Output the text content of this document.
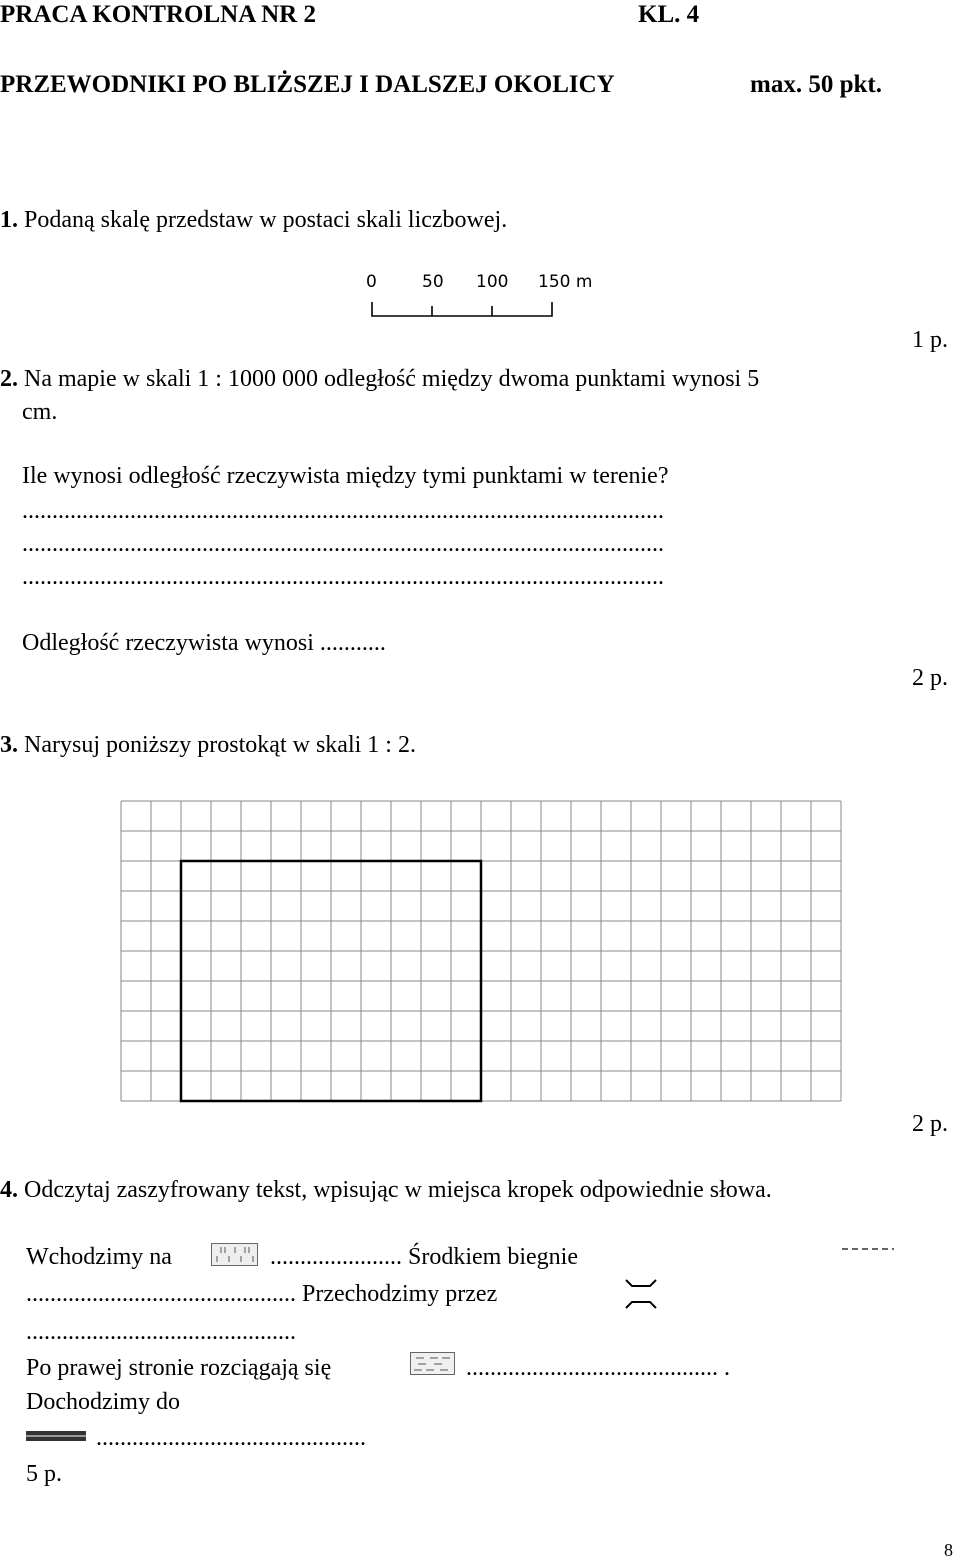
PRACA KONTROLNA NR 2	KL. 4
PRZEWODNIKI PO BLIŻSZEJ I DALSZEJ OKOLICY	max. 50 pkt.
1. Podaną skalę przedstaw w postaci skali liczbowej.
0	50 100 150 m
1 p.
2. Na mapie w skali 1 : 1000 000 odległość między dwoma punktami wynosi 5
cm.
Ile wynosi odległość rzeczywista między tymi punktami w terenie?
...........................................................................................................
...........................................................................................................
...........................................................................................................
Odległość rzeczywista wynosi ...........
2 p.
3. Narysuj poniższy prostokąt w skali 1 : 2.
2 p.
4. Odczytaj zaszyfrowany tekst, wpisując w miejsca kropek odpowiednie słowa.
Wchodzimy na	...................... Środkiem biegnie
............................................. Przechodzimy przez
.............................................
Po prawej stronie rozciągają się	.......................................... .
Dochodzimy do
.............................................
5 p.
8
